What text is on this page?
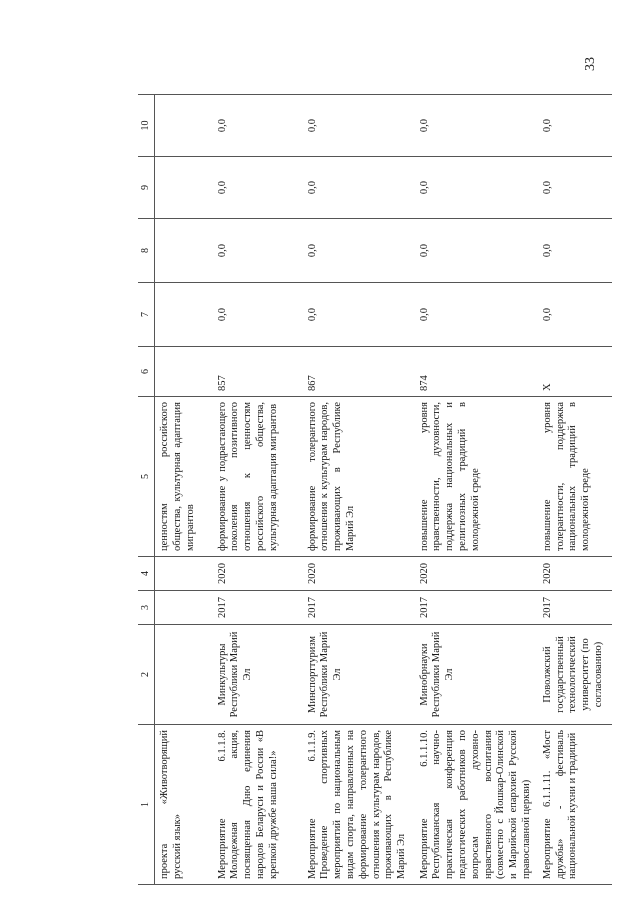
33
1	2	3	4	5	6	7	8	9	10
проекта «Животворящий русский язык»				ценностям российского общества, культурная адаптация мигрантов					
Мероприятие 6.1.1.8. Молодежная акция, посвященная Дню единения народов Беларуси и России «В крепкой дружбе наша сила!»	Минкультуры Республики Марий Эл	2017	2020	формирование у подрастающего поколения позитивного отношения к ценностям российского общества, культурная адаптация мигрантов	857	0,0	0,0	0,0	0,0
Мероприятие 6.1.1.9. Проведение спортивных мероприятий по национальным видам спорта, направленных на формирование толерантного отношения к культурам народов, проживающих в Республике Марий Эл	Минспорттуризм Республики Марий Эл	2017	2020	формирование толерантного отношения к культурам народов, проживающих в Республике Марий Эл	867	0,0	0,0	0,0	0,0
Мероприятие 6.1.1.10. Республиканская научно-практическая конференция педагогических работников по вопросам духовно-нравственного воспитания (совместно с Йошкар-Олинской и Марийской епархией Русской православной церкви)	Минобрнауки Республики Марий Эл	2017	2020	повышение уровня нравственности, духовности, поддержка национальных и религиозных традиций в молодежной среде	874	0,0	0,0	0,0	0,0
Мероприятие 6.1.1.11. «Мост дружбы» - фестиваль национальной кухни и традиций	Поволжский государственный технологический университет (по согласованию)	2017	2020	повышение уровня толерантности, поддержка национальных традиций в молодежной среде	Х	0,0	0,0	0,0	0,0
